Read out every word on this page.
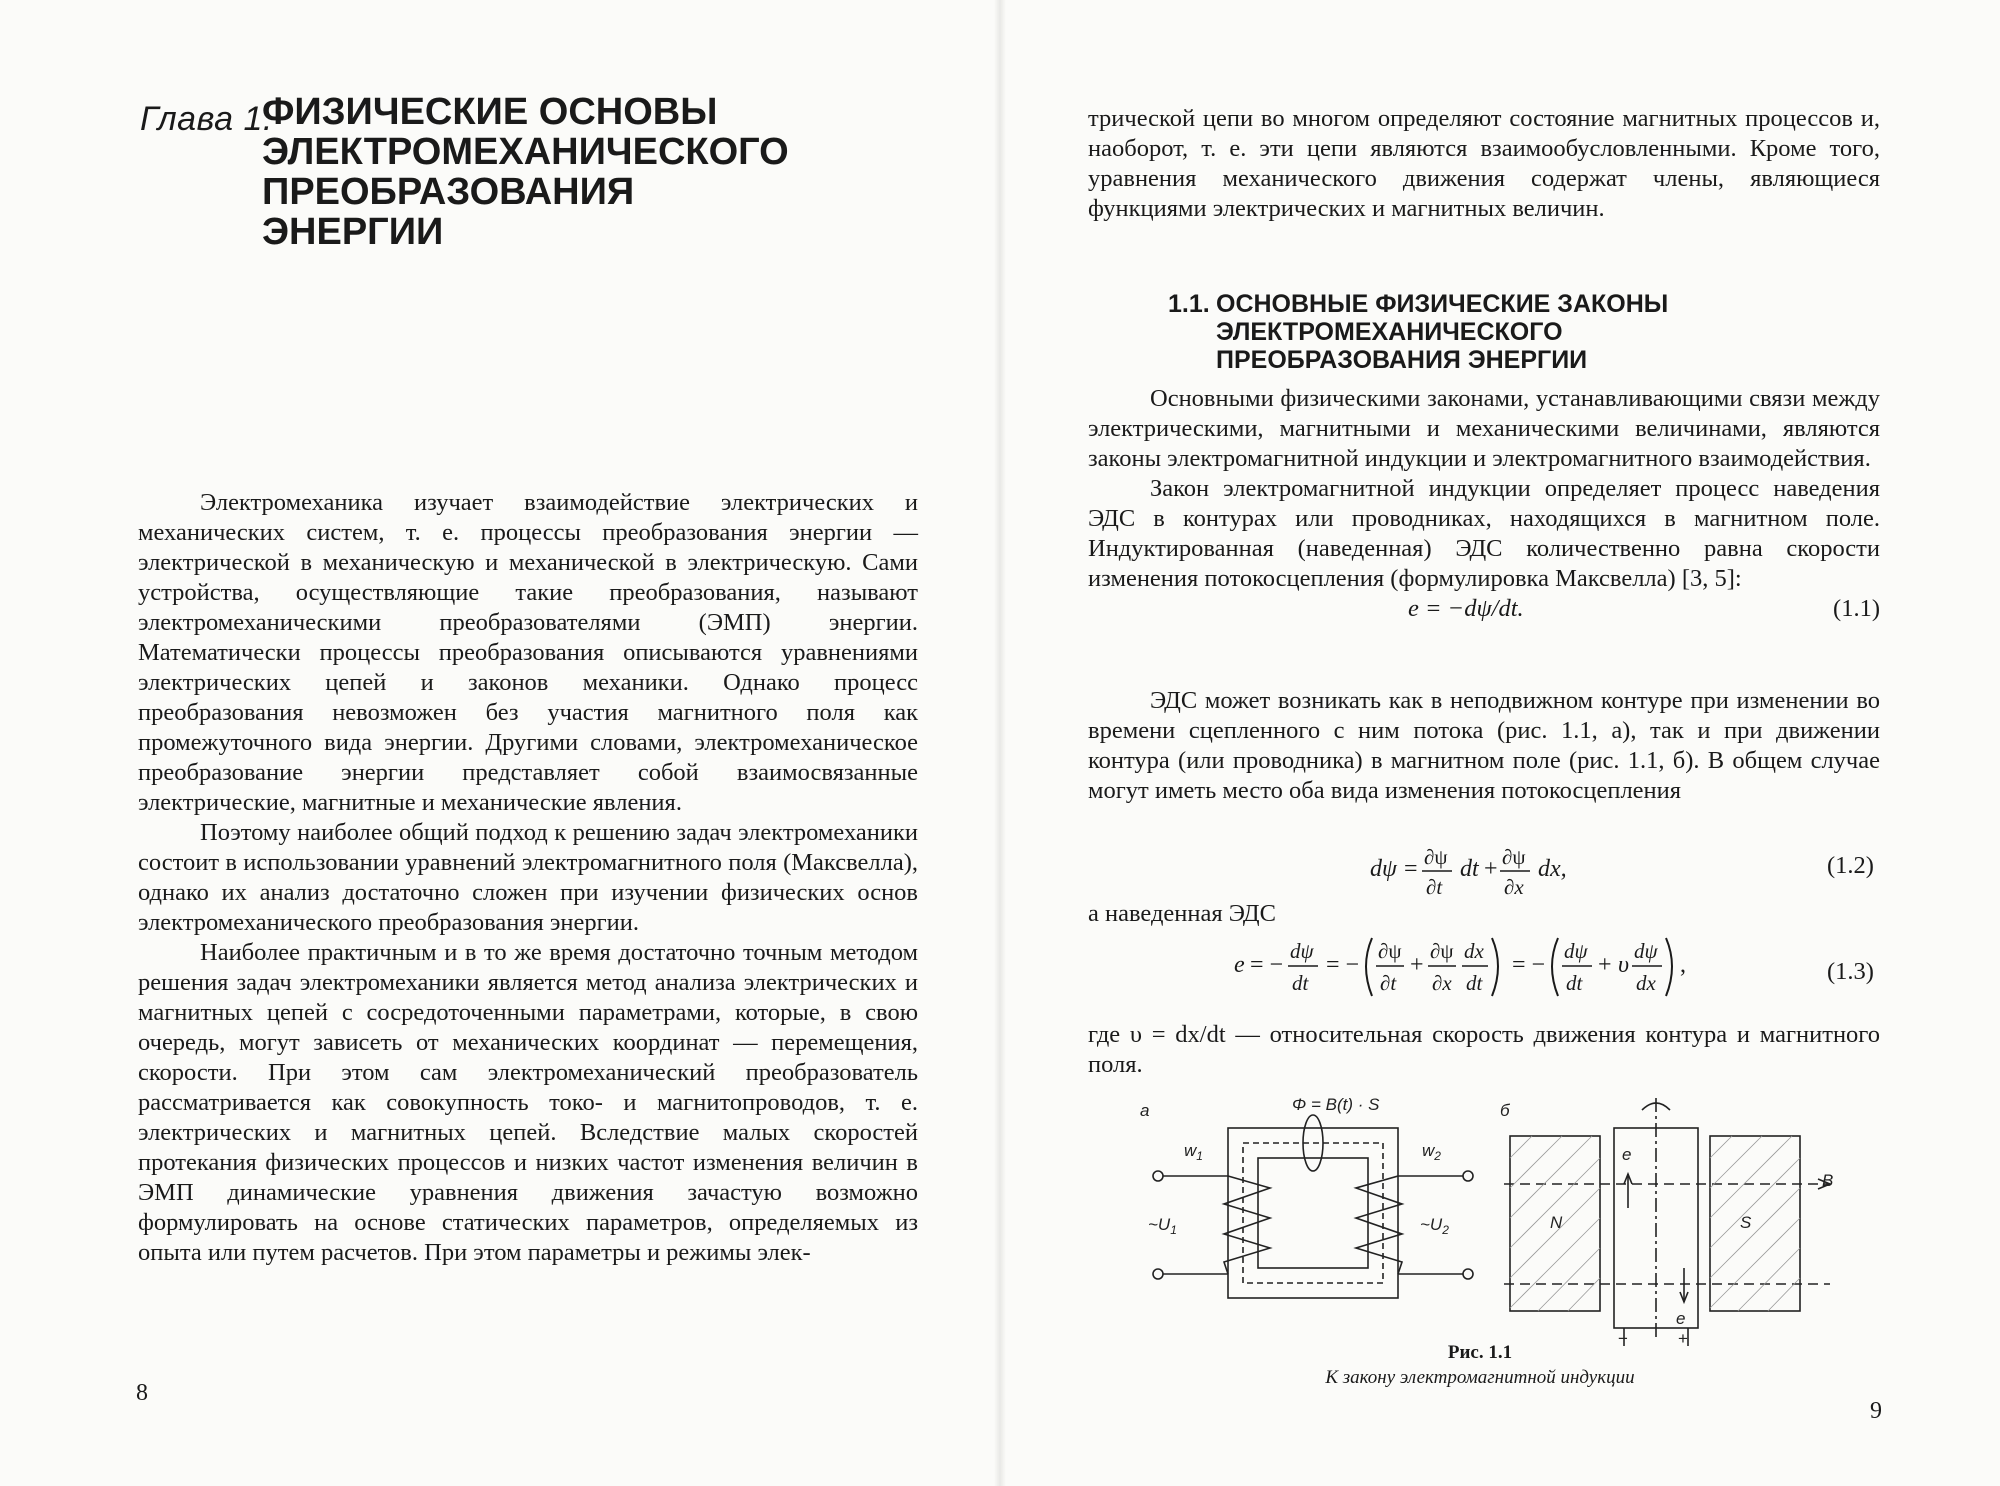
Глава 1.
ФИЗИЧЕСКИЕ ОСНОВЫ
ЭЛЕКТРОМЕХАНИЧЕСКОГО
ПРЕОБРАЗОВАНИЯ
ЭНЕРГИИ

Электромеханика изучает взаимодействие электрических и механических систем, т. е. процессы преобразования энергии — электрической в механическую и механической в электрическую. Сами устройства, осуществляющие такие преобразования, называют электромеханическими преобразователями (ЭМП) энергии. Математически процессы преобразования описываются уравнениями электрических цепей и законов механики. Однако процесс преобразования невозможен без участия магнитного поля как промежуточного вида энергии. Другими словами, электромеханическое преобразование энергии представляет собой взаимосвязанные электрические, магнитные и механические явления.

Поэтому наиболее общий подход к решению задач электромеханики состоит в использовании уравнений электромагнитного поля (Максвелла), однако их анализ достаточно сложен при изучении физических основ электромеханического преобразования энергии.

Наиболее практичным и в то же время достаточно точным методом решения задач электромеханики является метод анализа электрических и магнитных цепей с сосредоточенными параметрами, которые, в свою очередь, могут зависеть от механических координат — перемещения, скорости. При этом сам электромеханический преобразователь рассматривается как совокупность токо- и магнитопроводов, т. е. электрических и магнитных цепей. Вследствие малых скоростей протекания физических процессов и низких частот изменения величин в ЭМП динамические уравнения движения зачастую возможно формулировать на основе статических параметров, определяемых из опыта или путем расчетов. При этом параметры и режимы элек-

8

трической цепи во многом определяют состояние магнитных процессов и, наоборот, т. е. эти цепи являются взаимообусловленными. Кроме того, уравнения механического движения содержат члены, являющиеся функциями электрических и магнитных величин.

1.1. ОСНОВНЫЕ ФИЗИЧЕСКИЕ ЗАКОНЫ
ЭЛЕКТРОМЕХАНИЧЕСКОГО
ПРЕОБРАЗОВАНИЯ ЭНЕРГИИ

Основными физическими законами, устанавливающими связи между электрическими, магнитными и механическими величинами, являются законы электромагнитной индукции и электромагнитного взаимодействия.

Закон электромагнитной индукции определяет процесс наведения ЭДС в контурах или проводниках, находящихся в магнитном поле. Индуктированная (наведенная) ЭДС количественно равна скорости изменения потокосцепления (формулировка Максвелла) [3, 5]:

e = −dψ/dt.	(1.1)

ЭДС может возникать как в неподвижном контуре при изменении во времени сцепленного с ним потока (рис. 1.1, а), так и при движении контура (или проводника) в магнитном поле (рис. 1.1, б). В общем случае могут иметь место оба вида изменения потокосцепления

dψ = ∂ψ
∂t
dt + ∂ψ
∂x
dx,	(1.2)
а наведенная ЭДС
e = −
dψ
dt
= −
∂ψ
∂t
+
∂ψ
∂x
dx
dt
= −
dψ
dt
+ υ
dψ
dx
,	(1.3)
где υ = dx/dt — относительная скорость движения контура и магнитного поля.
а	б
Φ = B(t) · S
$w_1$	$w_2$
$\sim U_1$	$\sim U_2$	N	S
B
e
e
−	+
Рис. 1.1
К закону электромагнитной индукции
9
